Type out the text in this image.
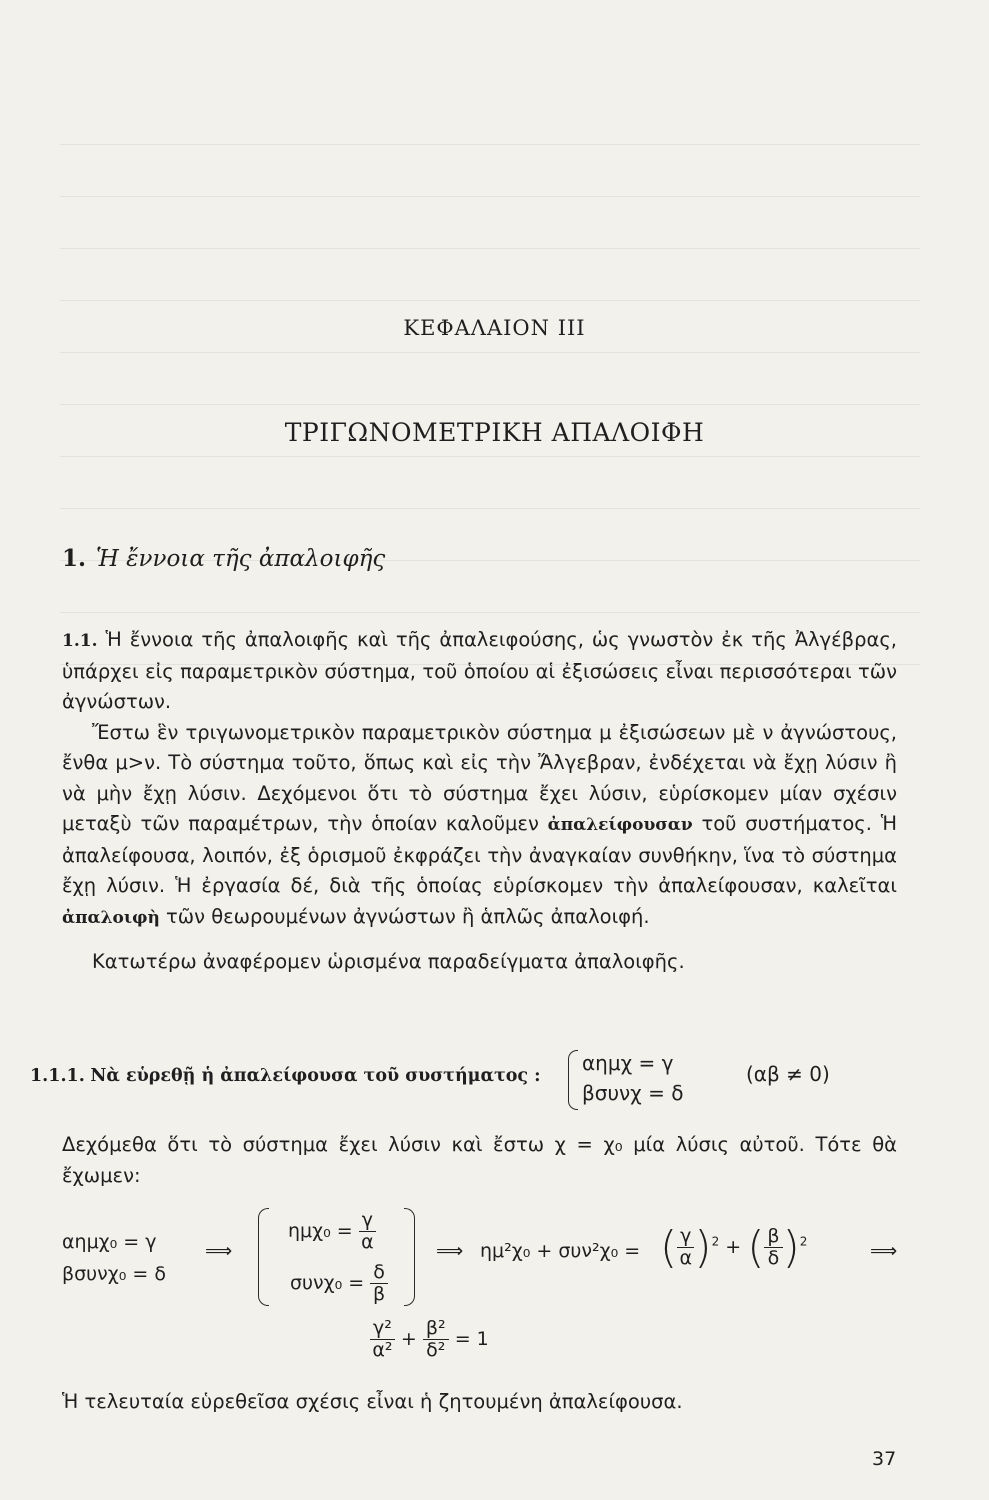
ΚΕΦΑΛΑΙΟΝ III
ΤΡΙΓΩΝΟΜΕΤΡΙΚΗ ΑΠΑΛΟΙΦΗ
1. Ἡ ἔννοια τῆς ἀπαλοιφῆς

1.1. Ἡ ἔννοια τῆς ἀπαλοιφῆς καὶ τῆς ἀπαλειφούσης, ὡς γνωστὸν ἐκ τῆς Ἀλγέβρας, ὑπάρχει εἰς παραμετρικὸν σύστημα, τοῦ ὁποίου αἱ ἐξισώσεις εἶναι περισσότεραι τῶν ἀγνώστων.

Ἔστω ἓν τριγωνομετρικὸν παραμετρικὸν σύστημα μ ἐξισώσεων μὲ ν ἀγνώστους, ἔνθα μ>ν. Τὸ σύστημα τοῦτο, ὅπως καὶ εἰς τὴν Ἄλγεβραν, ἐνδέχεται νὰ ἔχῃ λύσιν ἢ νὰ μὴν ἔχῃ λύσιν. Δεχόμενοι ὅτι τὸ σύστημα ἔχει λύσιν, εὑρίσκομεν μίαν σχέσιν μεταξὺ τῶν παραμέτρων, τὴν ὁποίαν καλοῦμεν ἀπαλείφουσαν τοῦ συστήματος. Ἡ ἀπαλείφουσα, λοιπόν, ἐξ ὁρισμοῦ ἐκφράζει τὴν ἀναγκαίαν συνθήκην, ἵνα τὸ σύστημα ἔχῃ λύσιν. Ἡ ἐργασία δέ, διὰ τῆς ὁποίας εὑρίσκομεν τὴν ἀπαλείφουσαν, καλεῖται ἀπαλοιφὴ τῶν θεωρουμένων ἀγνώστων ἢ ἁπλῶς ἀπαλοιφή.

Κατωτέρω ἀναφέρομεν ὡρισμένα παραδείγματα ἀπαλοιφῆς.

1.1.1. Νὰ εὑρεθῇ ἡ ἀπαλείφουσα τοῦ συστήματος :
αημχ = γ
βσυνχ = δ
(αβ ≠ 0)
Δεχόμεθα ὅτι τὸ σύστημα ἔχει λύσιν καὶ ἔστω χ = χ₀ μία λύσις αὐτοῦ. Τότε θὰ ἔχωμεν:
αημχ₀ = γ
βσυνχ₀ = δ
⟹
$\eta\mu\chi_0 = \frac{\gamma}{\alpha}$
$\sigma\upsilon\nu\chi_0 = \frac{\delta}{\beta}$
⟹ ημ²χ₀ + συν²χ₀ = ( $\frac{\gamma}{\alpha} )^2$ + ( $\frac{\beta}{\delta} )^2$	⟹
$\frac{\text{γ²}}{\text{α²}} + \frac{\text{β²}}{\text{δ²}} = 1$
Ἡ τελευταία εὑρεθεῖσα σχέσις εἶναι ἡ ζητουμένη ἀπαλείφουσα.
37
